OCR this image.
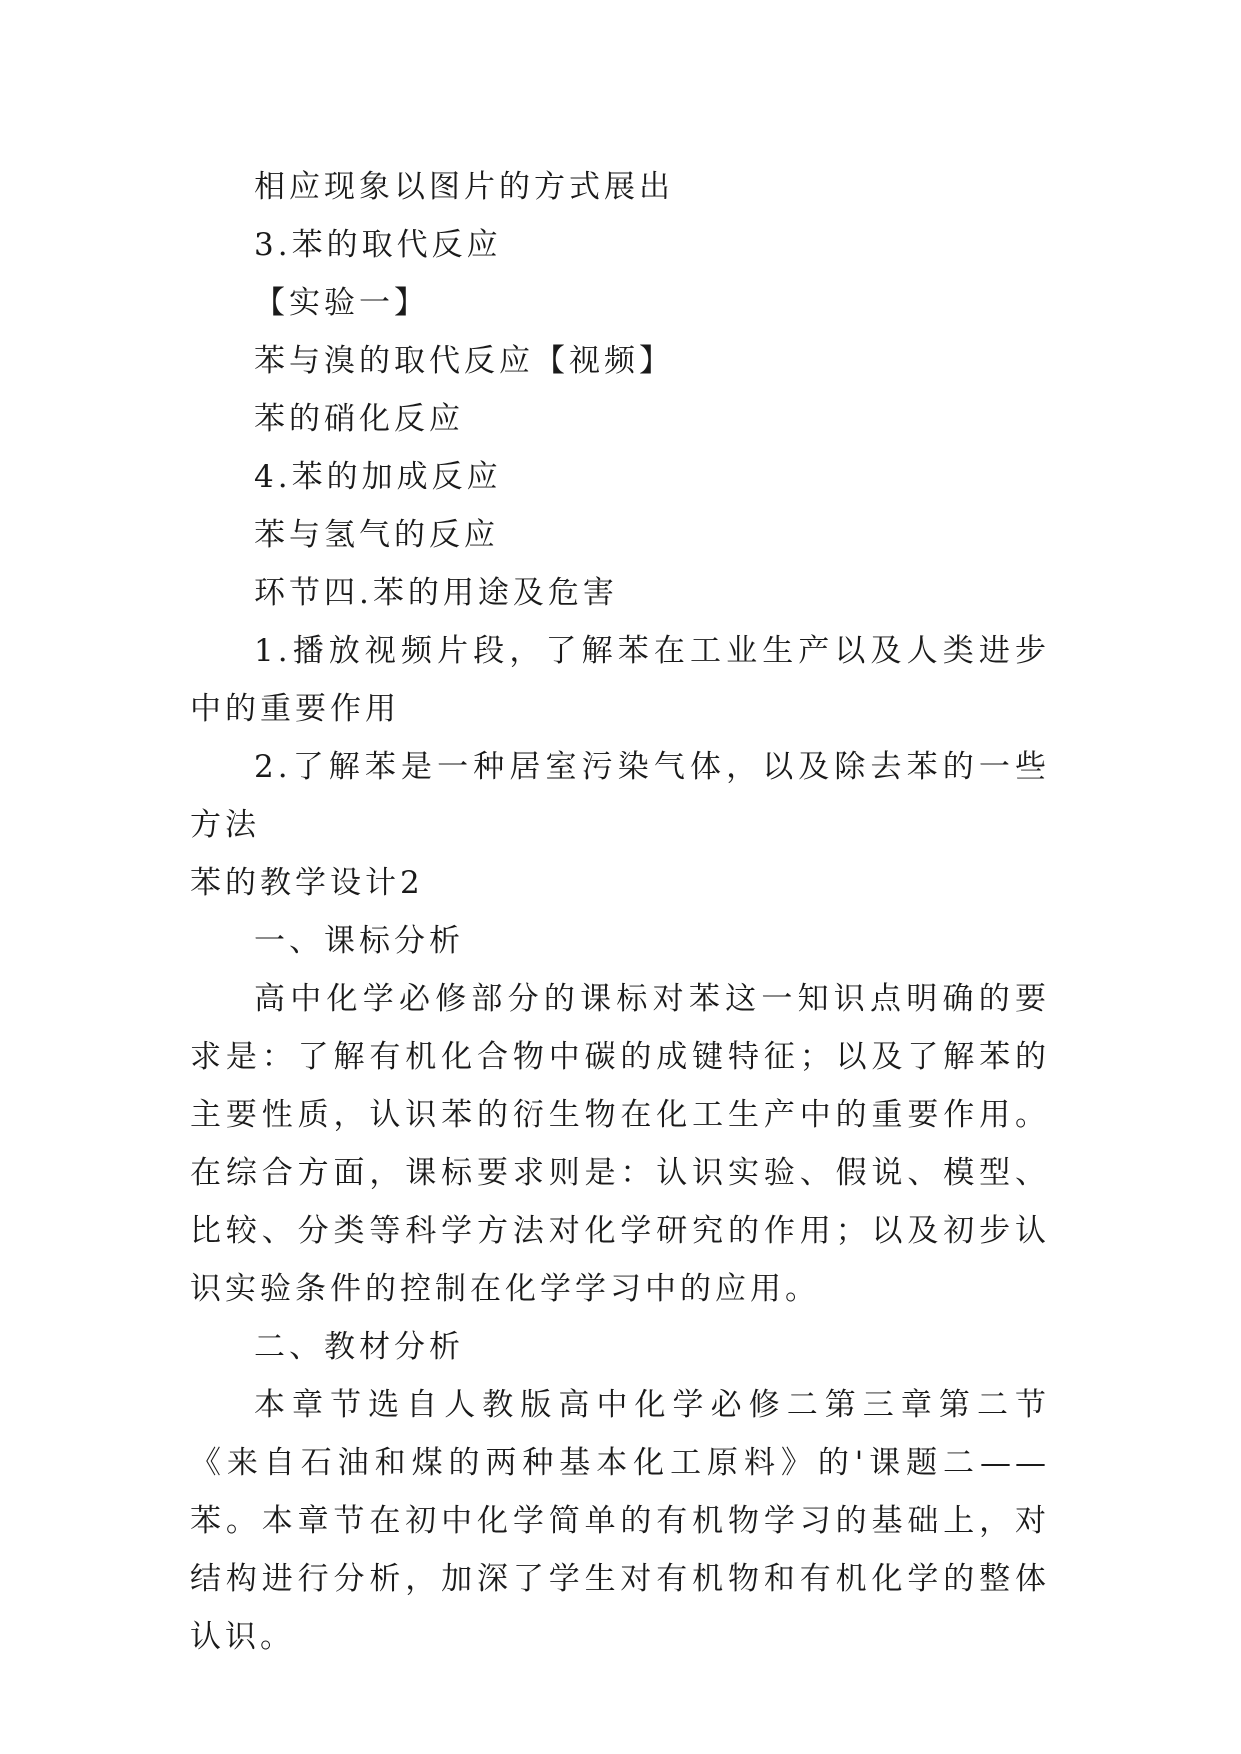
相应现象以图片的方式展出
3.苯的取代反应
【实验一】
苯与溴的取代反应【视频】
苯的硝化反应
4.苯的加成反应
苯与氢气的反应
环节四.苯的用途及危害
1.播放视频片段，了解苯在工业生产以及人类进步中的重要作用
2.了解苯是一种居室污染气体，以及除去苯的一些方法
苯的教学设计2
一、课标分析
高中化学必修部分的课标对苯这一知识点明确的要求是：了解有机化合物中碳的成键特征；以及了解苯的主要性质，认识苯的衍生物在化工生产中的重要作用。在综合方面，课标要求则是：认识实验、假说、模型、比较、分类等科学方法对化学研究的作用；以及初步认识实验条件的控制在化学学习中的应用。
二、教材分析
本章节选自人教版高中化学必修二第三章第二节《来自石油和煤的两种基本化工原料》的'课题二——苯。本章节在初中化学简单的有机物学习的基础上，对结构进行分析，加深了学生对有机物和有机化学的整体认识。
